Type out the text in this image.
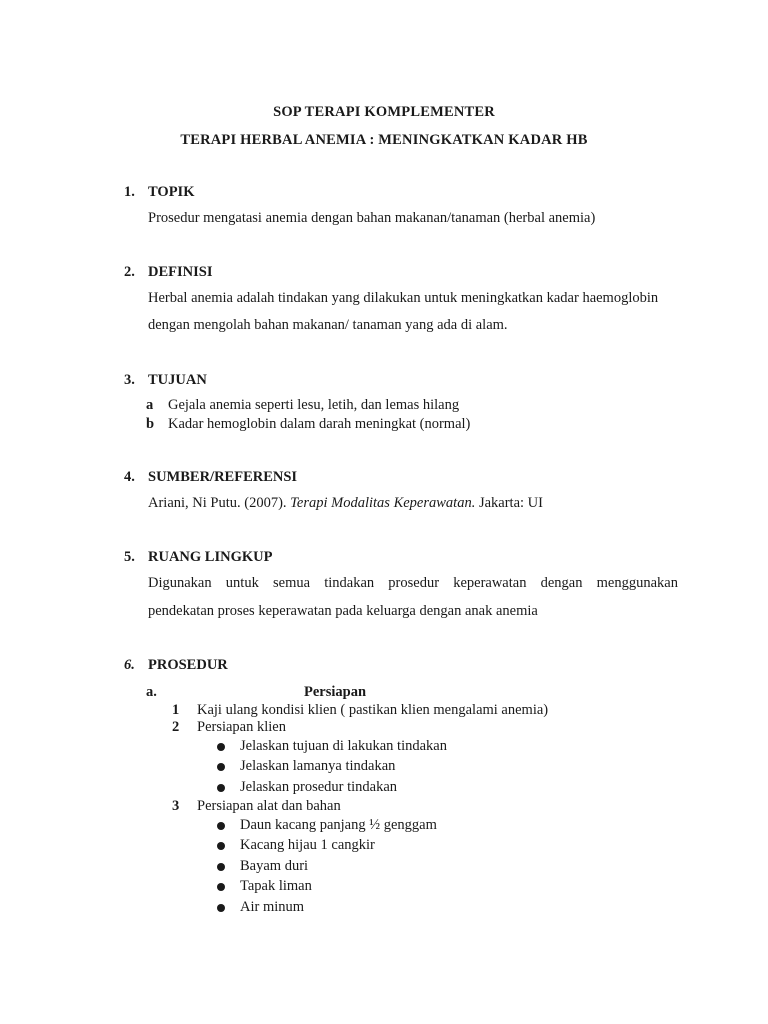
SOP TERAPI KOMPLEMENTER
TERAPI HERBAL ANEMIA : MENINGKATKAN KADAR HB
1. TOPIK
Prosedur mengatasi anemia dengan bahan makanan/tanaman (herbal anemia)
2. DEFINISI
Herbal anemia adalah tindakan yang dilakukan untuk meningkatkan kadar haemoglobin
dengan mengolah bahan makanan/ tanaman yang ada di alam.
3. TUJUAN
a Gejala anemia seperti lesu, letih, dan lemas hilang
b Kadar hemoglobin dalam darah meningkat (normal)
4. SUMBER/REFERENSI
Ariani, Ni Putu. (2007). Terapi Modalitas Keperawatan. Jakarta: UI
5. RUANG LINGKUP
Digunakan untuk semua tindakan prosedur keperawatan dengan menggunakan
pendekatan proses keperawatan pada keluarga dengan anak anemia
6. PROSEDUR
a.	Persiapan
1 Kaji ulang kondisi klien ( pastikan klien mengalami anemia)
2 Persiapan klien
Jelaskan tujuan di lakukan tindakan
Jelaskan lamanya tindakan
Jelaskan prosedur tindakan
3 Persiapan alat dan bahan
Daun kacang panjang ½ genggam
Kacang hijau 1 cangkir
Bayam duri
Tapak liman
Air minum
